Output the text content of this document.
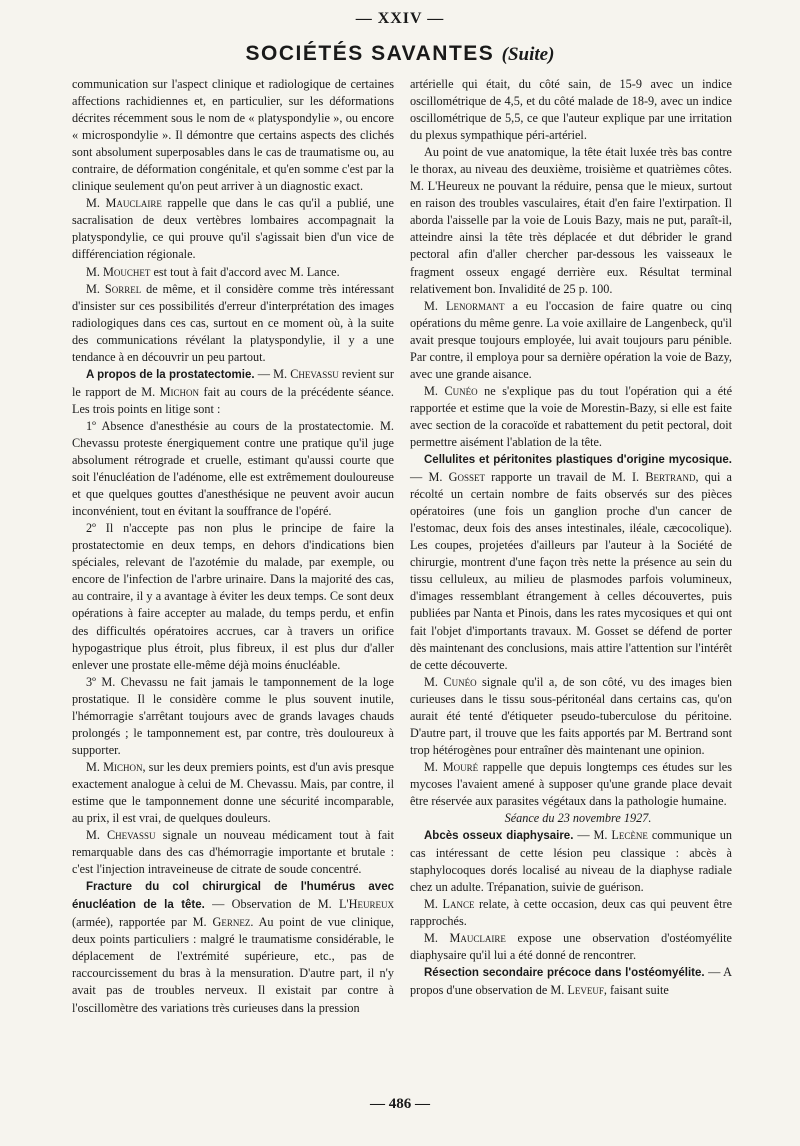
— XXIV —
SOCIÉTÉS SAVANTES (Suite)

communication sur l'aspect clinique et radiologique de certaines affections rachidiennes et, en particulier, sur les déformations décrites récemment sous le nom de « platyspondylie », ou encore « microspondylie ». Il démontre que certains aspects des clichés sont absolument superposables dans le cas de traumatisme ou, au contraire, de déformation congénitale, et qu'en somme c'est par la clinique seulement qu'on peut arriver à un diagnostic exact.

M. Mauclaire rappelle que dans le cas qu'il a publié, une sacralisation de deux vertèbres lombaires accompagnait la platyspondylie, ce qui prouve qu'il s'agissait bien d'un vice de différenciation régionale.

M. Mouchet est tout à fait d'accord avec M. Lance.

M. Sorrel de même, et il considère comme très intéressant d'insister sur ces possibilités d'erreur d'interprétation des images radiologiques dans ces cas, surtout en ce moment où, à la suite des communications révélant la platyspondylie, il y a une tendance à en découvrir un peu partout.

A propos de la prostatectomie. — M. Chevassu revient sur le rapport de M. Michon fait au cours de la précédente séance. Les trois points en litige sont :

1º Absence d'anesthésie au cours de la prostatectomie. M. Chevassu proteste énergiquement contre une pratique qu'il juge absolument rétrograde et cruelle, estimant qu'aussi courte que soit l'énucléation de l'adénome, elle est extrêmement douloureuse et que quelques gouttes d'anesthésique ne peuvent avoir aucun inconvénient, tout en évitant la souffrance de l'opéré.

2º Il n'accepte pas non plus le principe de faire la prostatectomie en deux temps, en dehors d'indications bien spéciales, relevant de l'azotémie du malade, par exemple, ou encore de l'infection de l'arbre urinaire. Dans la majorité des cas, au contraire, il y a avantage à éviter les deux temps. Ce sont deux opérations à faire accepter au malade, du temps perdu, et enfin des difficultés opératoires accrues, car à travers un orifice hypogastrique plus étroit, plus fibreux, il est plus dur d'aller enlever une prostate elle-même déjà moins énucléable.

3º M. Chevassu ne fait jamais le tamponnement de la loge prostatique. Il le considère comme le plus souvent inutile, l'hémorragie s'arrêtant toujours avec de grands lavages chauds prolongés ; le tamponnement est, par contre, très douloureux à supporter.

M. Michon, sur les deux premiers points, est d'un avis presque exactement analogue à celui de M. Chevassu. Mais, par contre, il estime que le tamponnement donne une sécurité incomparable, au prix, il est vrai, de quelques douleurs.

M. Chevassu signale un nouveau médicament tout à fait remarquable dans des cas d'hémorragie importante et brutale : c'est l'injection intraveineuse de citrate de soude concentré.

Fracture du col chirurgical de l'humérus avec énucléation de la tête. — Observation de M. L'Heureux (armée), rapportée par M. Gernez. Au point de vue clinique, deux points particuliers : malgré le traumatisme considérable, le déplacement de l'extrémité supérieure, etc., pas de raccourcissement du bras à la mensuration. D'autre part, il n'y avait pas de troubles nerveux. Il existait par contre à l'oscillomètre des variations très curieuses dans la pression

artérielle qui était, du côté sain, de 15-9 avec un indice oscillométrique de 4,5, et du côté malade de 18-9, avec un indice oscillométrique de 5,5, ce que l'auteur explique par une irritation du plexus sympathique péri-artériel.

Au point de vue anatomique, la tête était luxée très bas contre le thorax, au niveau des deuxième, troisième et quatrièmes côtes. M. L'Heureux ne pouvant la réduire, pensa que le mieux, surtout en raison des troubles vasculaires, était d'en faire l'extirpation. Il aborda l'aisselle par la voie de Louis Bazy, mais ne put, paraît-il, atteindre ainsi la tête très déplacée et dut débrider le grand pectoral afin d'aller chercher par-dessous les vaisseaux le fragment osseux engagé derrière eux. Résultat terminal relativement bon. Invalidité de 25 p. 100.

M. Lenormant a eu l'occasion de faire quatre ou cinq opérations du même genre. La voie axillaire de Langenbeck, qu'il avait presque toujours employée, lui avait toujours paru pénible. Par contre, il employa pour sa dernière opération la voie de Bazy, avec une grande aisance.

M. Cunéo ne s'explique pas du tout l'opération qui a été rapportée et estime que la voie de Morestin-Bazy, si elle est faite avec section de la coracoïde et rabattement du petit pectoral, doit permettre aisément l'ablation de la tête.

Cellulites et péritonites plastiques d'origine mycosique. — M. Gosset rapporte un travail de M. I. Bertrand, qui a récolté un certain nombre de faits observés sur des pièces opératoires (une fois un ganglion proche d'un cancer de l'estomac, deux fois des anses intestinales, iléale, cæcocolique). Les coupes, projetées d'ailleurs par l'auteur à la Société de chirurgie, montrent d'une façon très nette la présence au sein du tissu celluleux, au milieu de plasmodes parfois volumineux, d'images ressemblant étrangement à celles découvertes, puis publiées par Nanta et Pinois, dans les rates mycosiques et qui ont fait l'objet d'importants travaux. M. Gosset se défend de porter dès maintenant des conclusions, mais attire l'attention sur l'intérêt de cette découverte.

M. Cunéo signale qu'il a, de son côté, vu des images bien curieuses dans le tissu sous-péritonéal dans certains cas, qu'on aurait été tenté d'étiqueter pseudo-tuberculose du péritoine. D'autre part, il trouve que les faits apportés par M. Bertrand sont trop hétérogènes pour entraîner dès maintenant une opinion.

M. Mouré rappelle que depuis longtemps ces études sur les mycoses l'avaient amené à supposer qu'une grande place devait être réservée aux parasites végétaux dans la pathologie humaine.

Séance du 23 novembre 1927.

Abcès osseux diaphysaire. — M. Lecène communique un cas intéressant de cette lésion peu classique : abcès à staphylocoques dorés localisé au niveau de la diaphyse radiale chez un adulte. Trépanation, suivie de guérison.

M. Lance relate, à cette occasion, deux cas qui peuvent être rapprochés.

M. Mauclaire expose une observation d'ostéomyélite diaphysaire qu'il lui a été donné de rencontrer.

Résection secondaire précoce dans l'ostéomyélite. — A propos d'une observation de M. Leveuf, faisant suite

— 486 —
